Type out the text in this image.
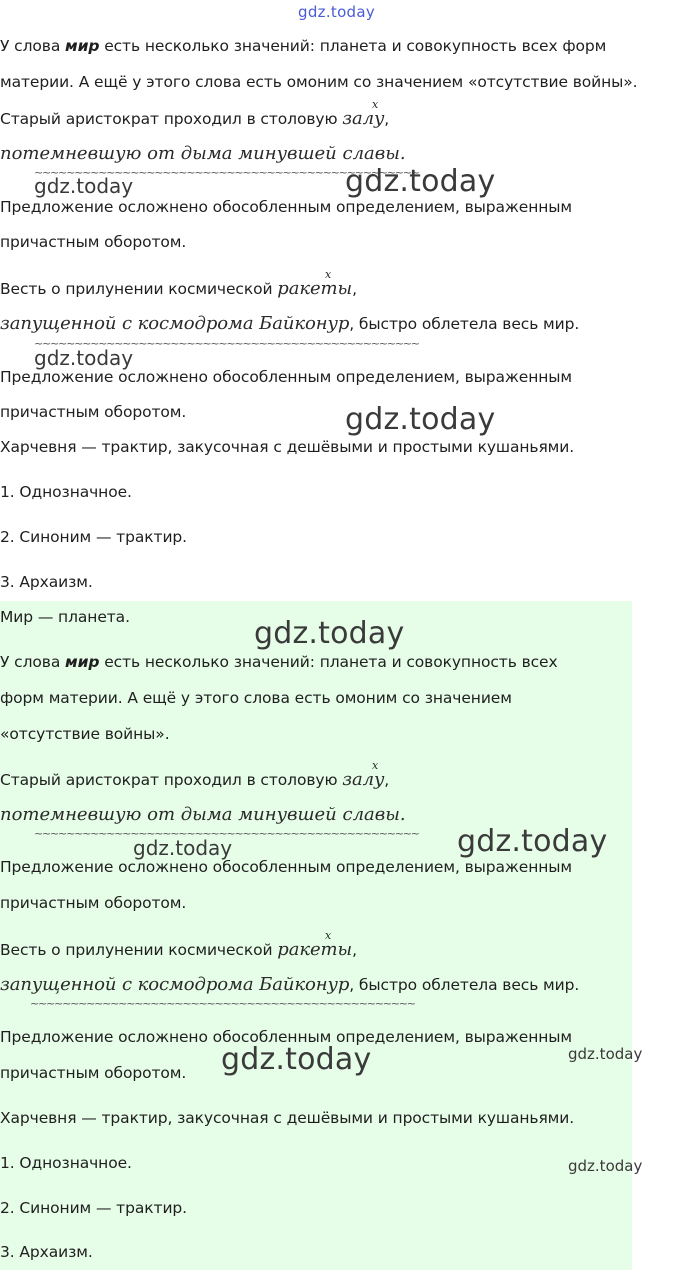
gdz.today

У слова мир есть несколько значений: планета и совокупность всех форм

материи. А ещё у этого слова есть омоним со значением «отсутствие войны».

Старый аристократ проходил в столовую залу,

x

потемневшую от дыма минувшей славы.

~~~~~~~~~~~~~~~~~~~~~~~~~~~~~~~~~~~~~~~~~~~~~~~~

gdz.today	gdz.today

Предложение осложнено обособленным определением, выраженным

причастным оборотом.

Весть о прилунении космической ракеты,

x

запущенной с космодрома Байконур, быстро облетела весь мир.

~~~~~~~~~~~~~~~~~~~~~~~~~~~~~~~~~~~~~~~~~~~~~~~~

gdz.today

Предложение осложнено обособленным определением, выраженным

причастным оборотом.	gdz.today

Харчевня — трактир, закусочная с дешёвыми и простыми кушаньями.

1. Однозначное.

2. Синоним — трактир.

3. Архаизм.

Мир — планета.	gdz.today

У слова мир есть несколько значений: планета и совокупность всех

форм материи. А ещё у этого слова есть омоним со значением

«отсутствие войны».

Старый аристократ проходил в столовую залу,

x

потемневшую от дыма минувшей славы.

~~~~~~~~~~~~~~~~~~~~~~~~~~~~~~~~~~~~~~~~~~~~~~~~

gdz.today	gdz.today

Предложение осложнено обособленным определением, выраженным

причастным оборотом.

Весть о прилунении космической ракеты,

x

запущенной с космодрома Байконур, быстро облетела весь мир.

~~~~~~~~~~~~~~~~~~~~~~~~~~~~~~~~~~~~~~~~~~~~~~~~

Предложение осложнено обособленным определением, выраженным

причастным оборотом. gdz.today	gdz.today

Харчевня — трактир, закусочная с дешёвыми и простыми кушаньями.

1. Однозначное.	gdz.today

2. Синоним — трактир.

3. Архаизм.
